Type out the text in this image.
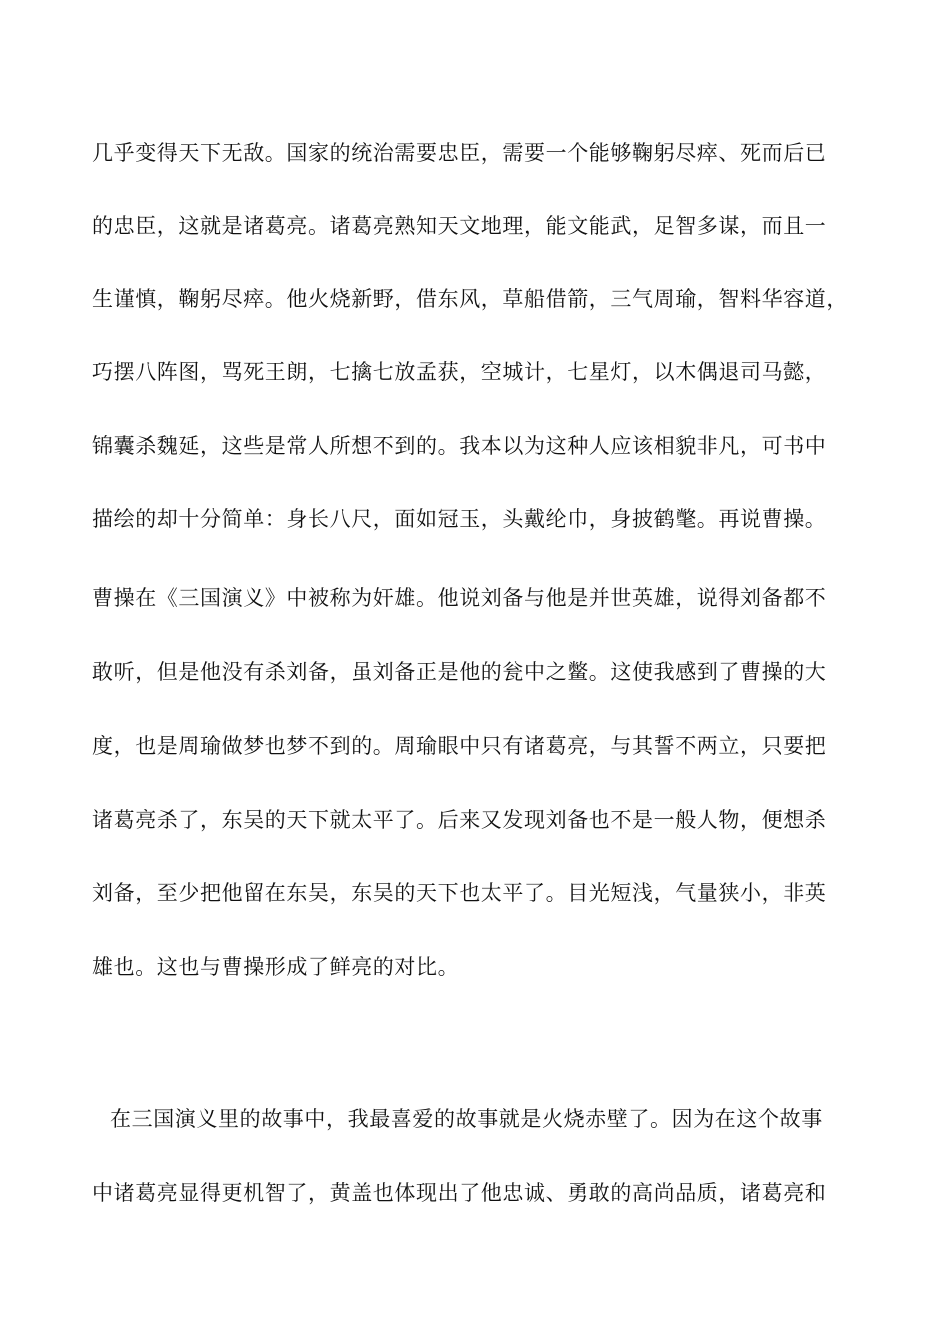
几乎变得天下无敌。国家的统治需要忠臣，需要一个能够鞠躬尽瘁、死而后已
的忠臣，这就是诸葛亮。诸葛亮熟知天文地理，能文能武，足智多谋，而且一
生谨慎，鞠躬尽瘁。他火烧新野，借东风，草船借箭，三气周瑜，智料华容道，
巧摆八阵图，骂死王朗，七擒七放孟获，空城计，七星灯，以木偶退司马懿，
锦囊杀魏延，这些是常人所想不到的。我本以为这种人应该相貌非凡，可书中
描绘的却十分简单：身长八尺，面如冠玉，头戴纶巾，身披鹤氅。再说曹操。
曹操在《三国演义》中被称为奸雄。他说刘备与他是并世英雄，说得刘备都不
敢听，但是他没有杀刘备，虽刘备正是他的瓮中之鳖。这使我感到了曹操的大
度，也是周瑜做梦也梦不到的。周瑜眼中只有诸葛亮，与其誓不两立，只要把
诸葛亮杀了，东吴的天下就太平了。后来又发现刘备也不是一般人物，便想杀
刘备，至少把他留在东吴，东吴的天下也太平了。目光短浅，气量狭小，非英
雄也。这也与曹操形成了鲜亮的对比。
在三国演义里的故事中，我最喜爱的故事就是火烧赤壁了。因为在这个故事
中诸葛亮显得更机智了，黄盖也体现出了他忠诚、勇敢的高尚品质，诸葛亮和
